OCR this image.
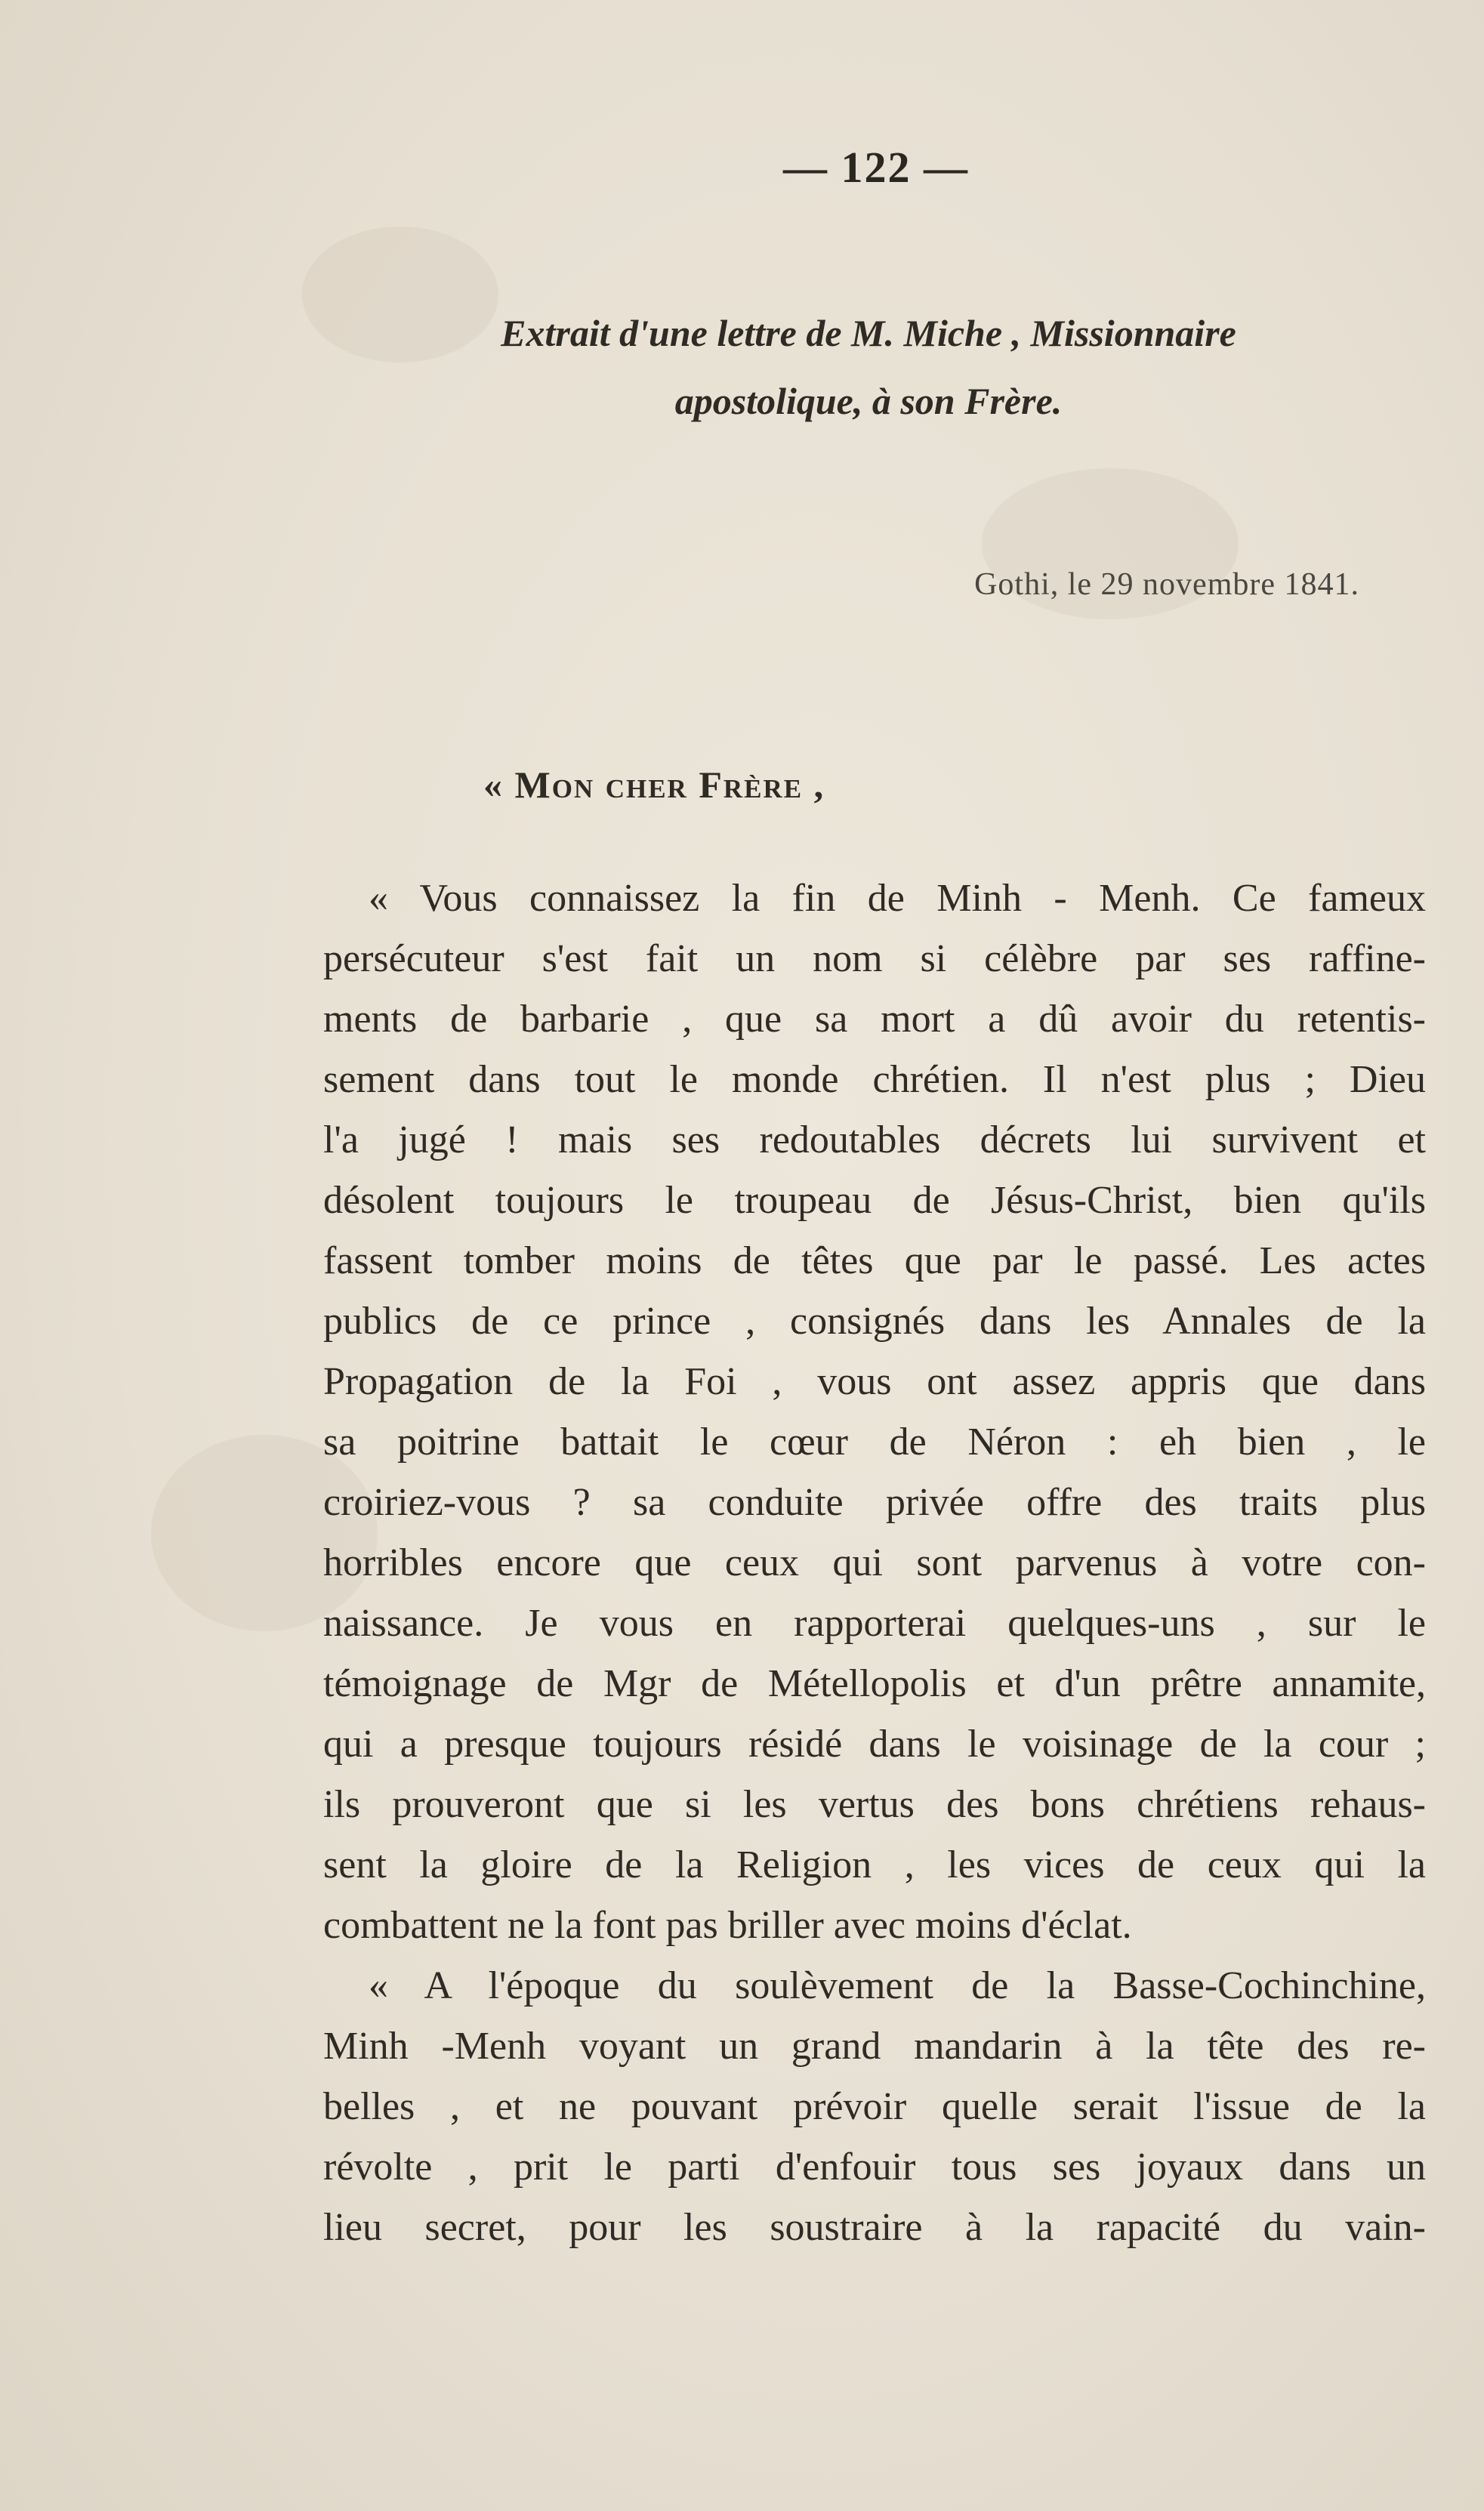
— 122 —
Extrait d'une lettre de M. Miche , Missionnaire
apostolique, à son Frère.
Gothi, le 29 novembre 1841.
« Mon cher Frère ,
« Vous connaissez la fin de Minh - Menh. Ce fameux
persécuteur s'est fait un nom si célèbre par ses raffine-
ments de barbarie , que sa mort a dû avoir du retentis-
sement dans tout le monde chrétien. Il n'est plus ; Dieu
l'a jugé ! mais ses redoutables décrets lui survivent et
désolent toujours le troupeau de Jésus-Christ, bien qu'ils
fassent tomber moins de têtes que par le passé. Les actes
publics de ce prince , consignés dans les Annales de la
Propagation de la Foi , vous ont assez appris que dans
sa poitrine battait le cœur de Néron : eh bien , le
croiriez-vous ? sa conduite privée offre des traits plus
horribles encore que ceux qui sont parvenus à votre con-
naissance. Je vous en rapporterai quelques-uns , sur le
témoignage de Mgr de Métellopolis et d'un prêtre annamite,
qui a presque toujours résidé dans le voisinage de la cour ;
ils prouveront que si les vertus des bons chrétiens rehaus-
sent la gloire de la Religion , les vices de ceux qui la
combattent ne la font pas briller avec moins d'éclat.
« A l'époque du soulèvement de la Basse-Cochinchine,
Minh -Menh voyant un grand mandarin à la tête des re-
belles , et ne pouvant prévoir quelle serait l'issue de la
révolte , prit le parti d'enfouir tous ses joyaux dans un
lieu secret, pour les soustraire à la rapacité du vain-
